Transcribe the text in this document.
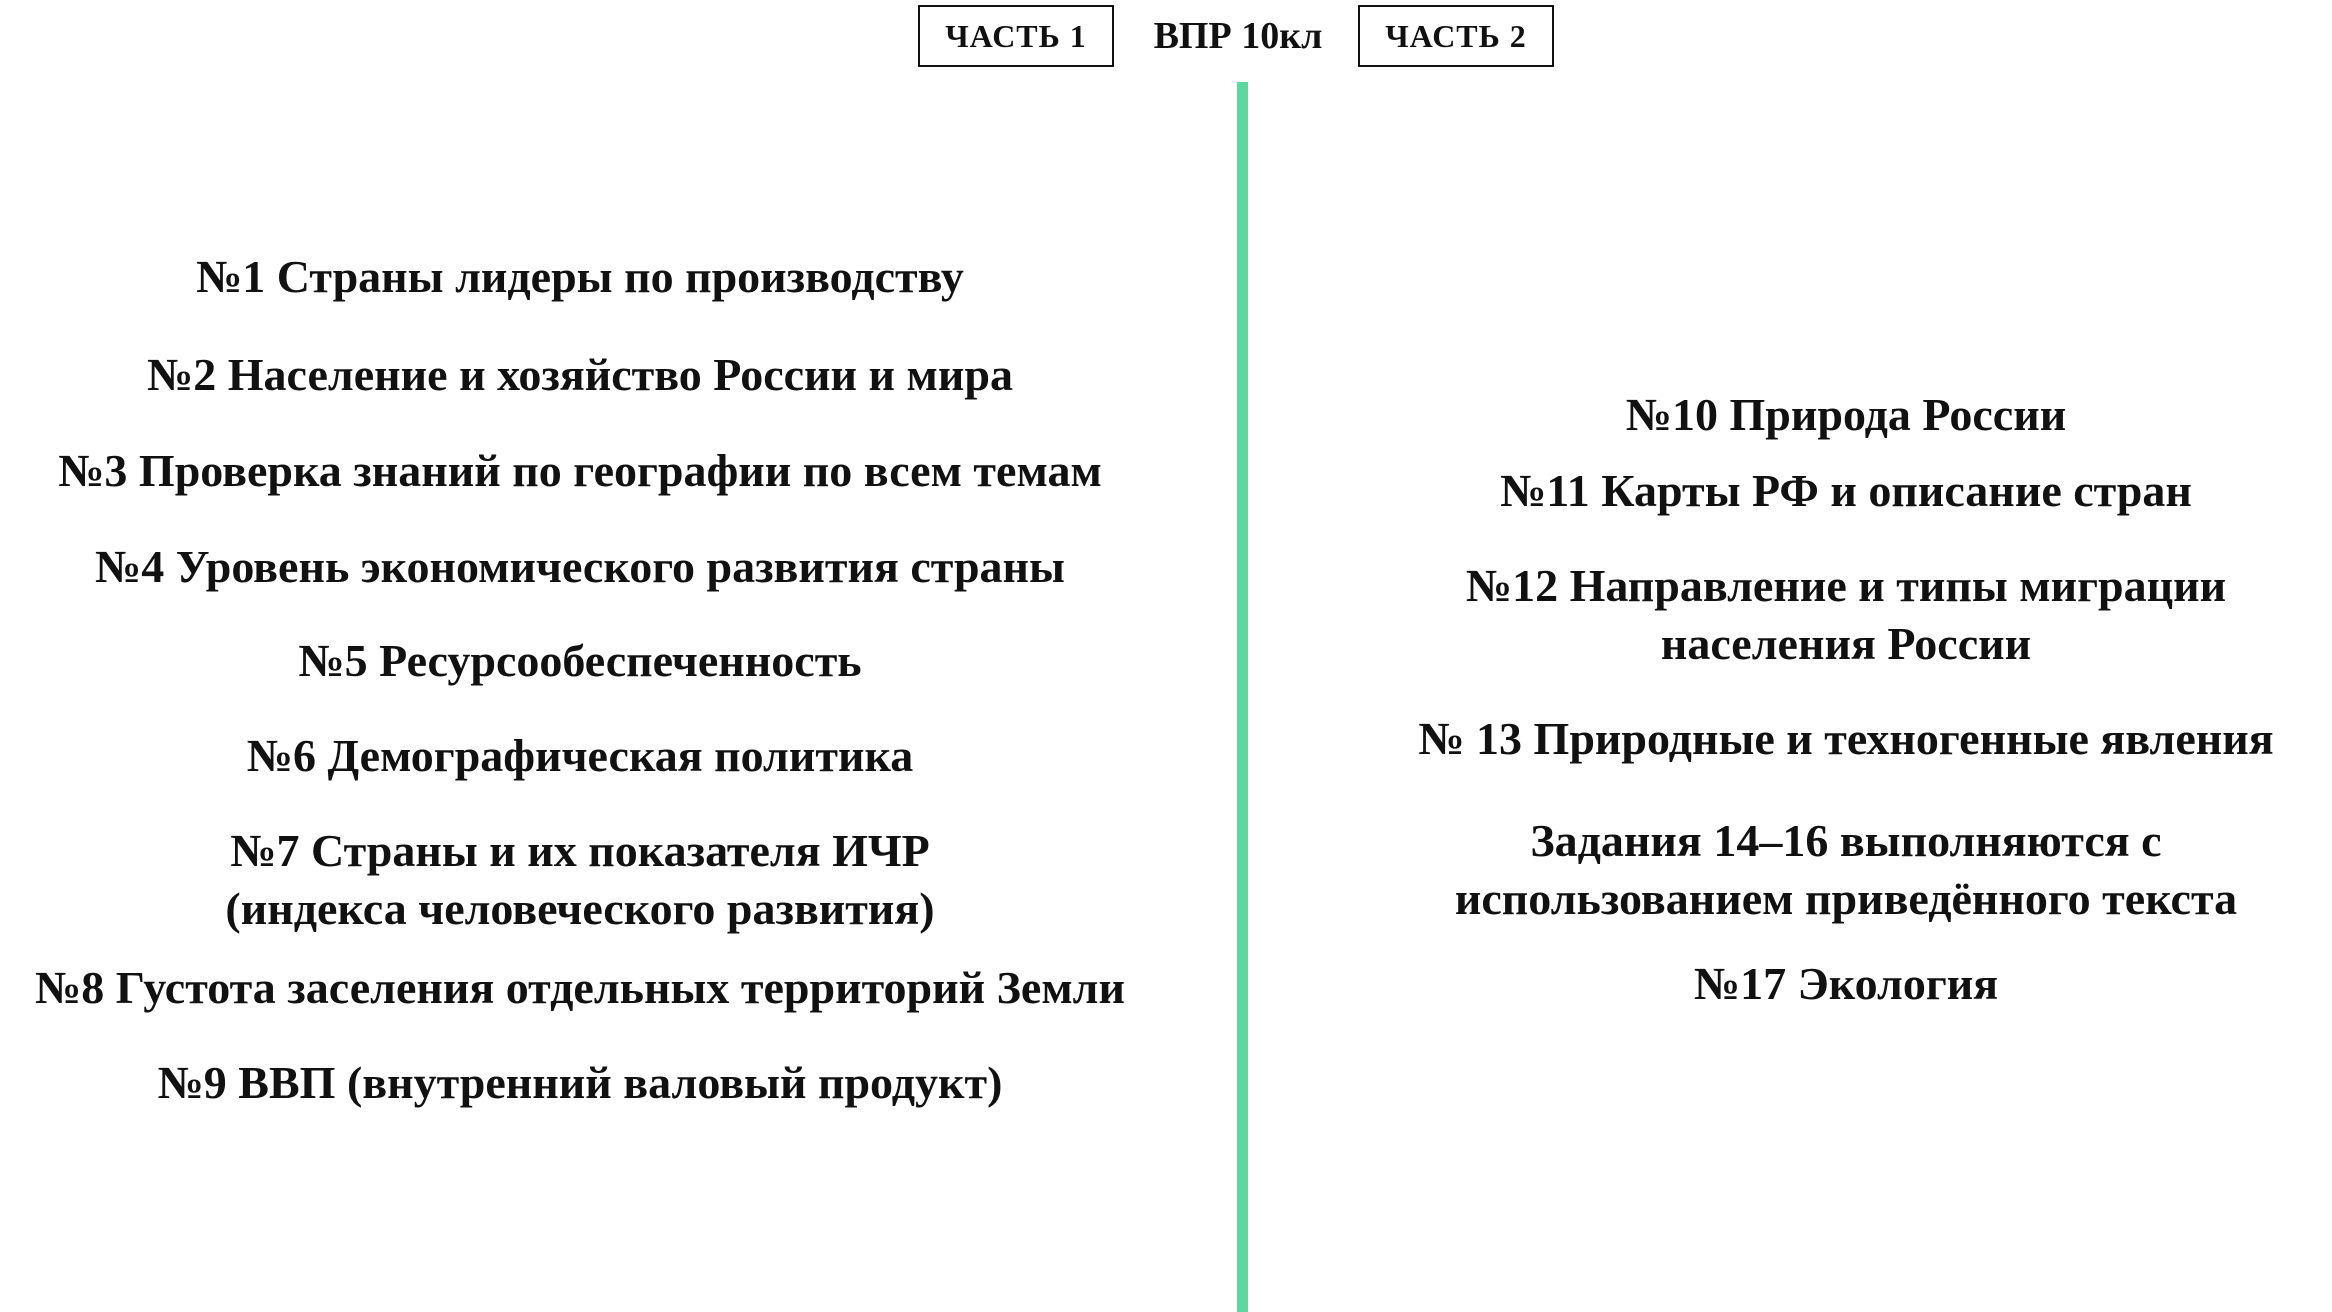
ЧАСТЬ 1	ВПР 10кл	ЧАСТЬ 2
№1 Страны лидеры по производству
№2 Население и хозяйство России и мира
№3 Проверка знаний по географии по всем темам
№4 Уровень экономического развития страны
№5 Ресурсообеспеченность
№6 Демографическая политика
№7 Страны и их показателя ИЧР
(индекса человеческого развития)
№8 Густота заселения отдельных территорий Земли
№9 ВВП (внутренний валовый продукт)
№10 Природа России
№11 Карты РФ и описание стран
№12 Направление и типы миграции
населения России
№ 13 Природные и техногенные явления
Задания 14–16 выполняются с
использованием приведённого текста
№17 Экология
